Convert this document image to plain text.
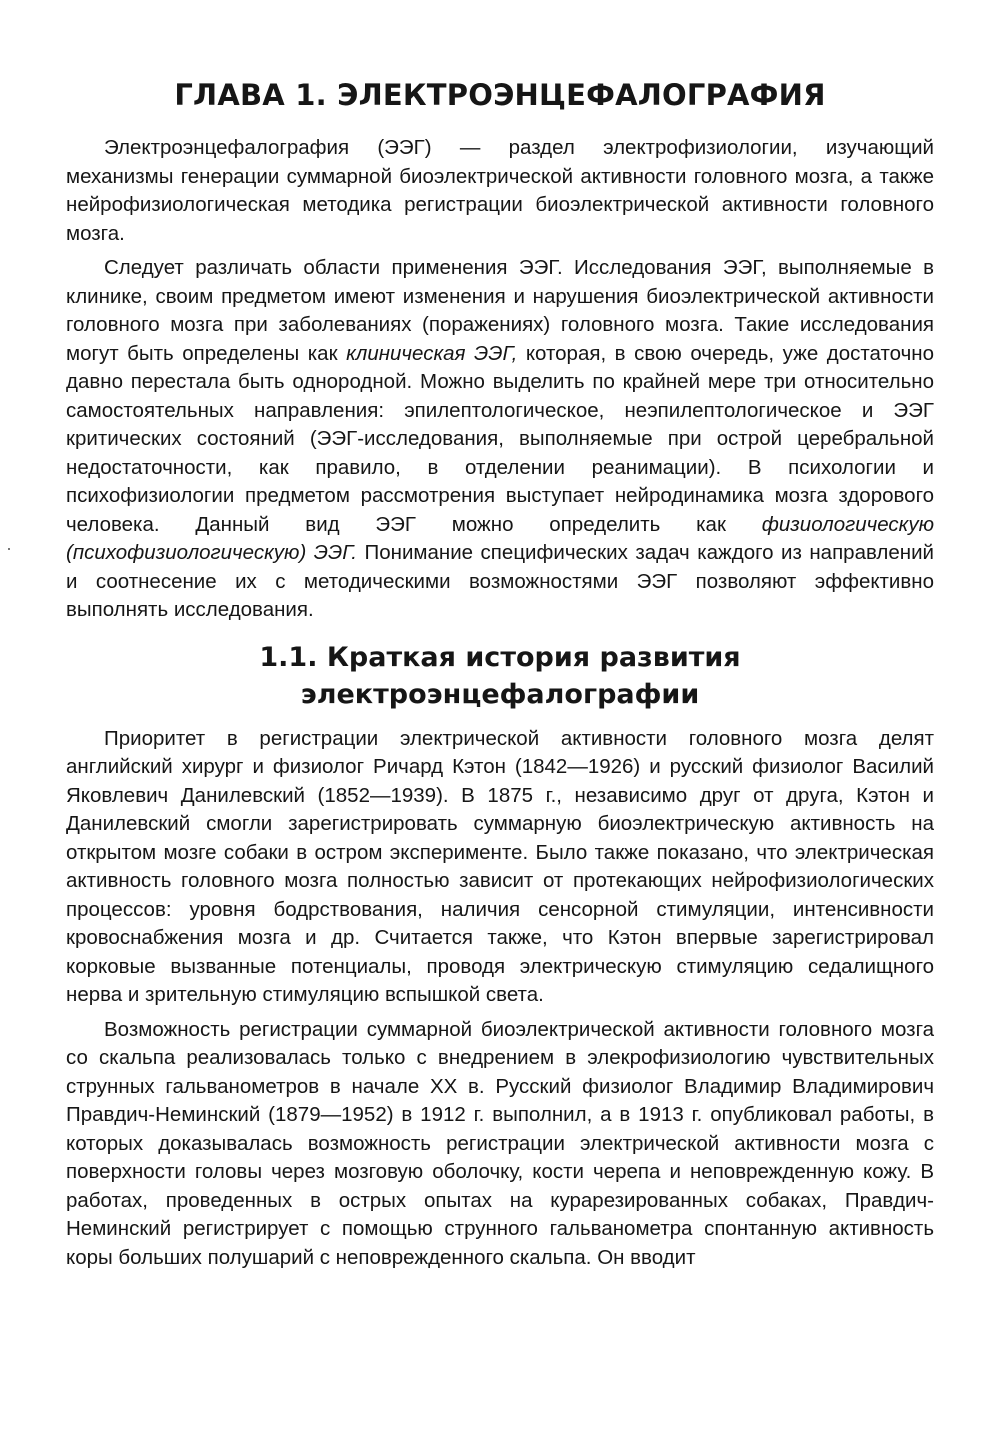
ГЛАВА 1. ЭЛЕКТРОЭНЦЕФАЛОГРАФИЯ

Электроэнцефалография (ЭЭГ) — раздел электрофизиологии, изучающий механизмы генерации суммарной биоэлектрической активности головного мозга, а также нейрофизиологическая методика регистрации биоэлектрической активности головного мозга.

Следует различать области применения ЭЭГ. Исследования ЭЭГ, выполняемые в клинике, своим предметом имеют изменения и нарушения биоэлектрической активности головного мозга при заболеваниях (поражениях) головного мозга. Такие исследования могут быть определены как клиническая ЭЭГ, которая, в свою очередь, уже достаточно давно перестала быть однородной. Можно выделить по крайней мере три относительно самостоятельных направления: эпилептологическое, неэпилептологическое и ЭЭГ критических состояний (ЭЭГ-исследования, выполняемые при острой церебральной недостаточности, как правило, в отделении реанимации). В психологии и психофизиологии предметом рассмотрения выступает нейродинамика мозга здорового человека. Данный вид ЭЭГ можно определить как физиологическую (психофизиологическую) ЭЭГ. Понимание специфических задач каждого из направлений и соотнесение их с методическими возможностями ЭЭГ позволяют эффективно выполнять исследования.

1.1. Краткая история развития
электроэнцефалографии

Приоритет в регистрации электрической активности головного мозга делят английский хирург и физиолог Ричард Кэтон (1842—1926) и русский физиолог Василий Яковлевич Данилевский (1852—1939). В 1875 г., независимо друг от друга, Кэтон и Данилевский смогли зарегистрировать суммарную биоэлектрическую активность на открытом мозге собаки в остром эксперименте. Было также показано, что электрическая активность головного мозга полностью зависит от протекающих нейрофизиологических процессов: уровня бодрствования, наличия сенсорной стимуляции, интенсивности кровоснабжения мозга и др. Считается также, что Кэтон впервые зарегистрировал корковые вызванные потенциалы, проводя электрическую стимуляцию седалищного нерва и зрительную стимуляцию вспышкой света.

Возможность регистрации суммарной биоэлектрической активности головного мозга со скальпа реализовалась только с внедрением в элекрофизиологию чувствительных струнных гальванометров в начале XX в. Русский физиолог Владимир Владимирович Правдич-Неминский (1879—1952) в 1912 г. выполнил, а в 1913 г. опубликовал работы, в которых доказывалась возможность регистрации электрической активности мозга с поверхности головы через мозговую оболочку, кости черепа и неповрежденную кожу. В работах, проведенных в острых опытах на курарезированных собаках, Правдич-Неминский регистрирует с помощью струнного гальванометра спонтанную активность коры больших полушарий с неповрежденного скальпа. Он вводит
